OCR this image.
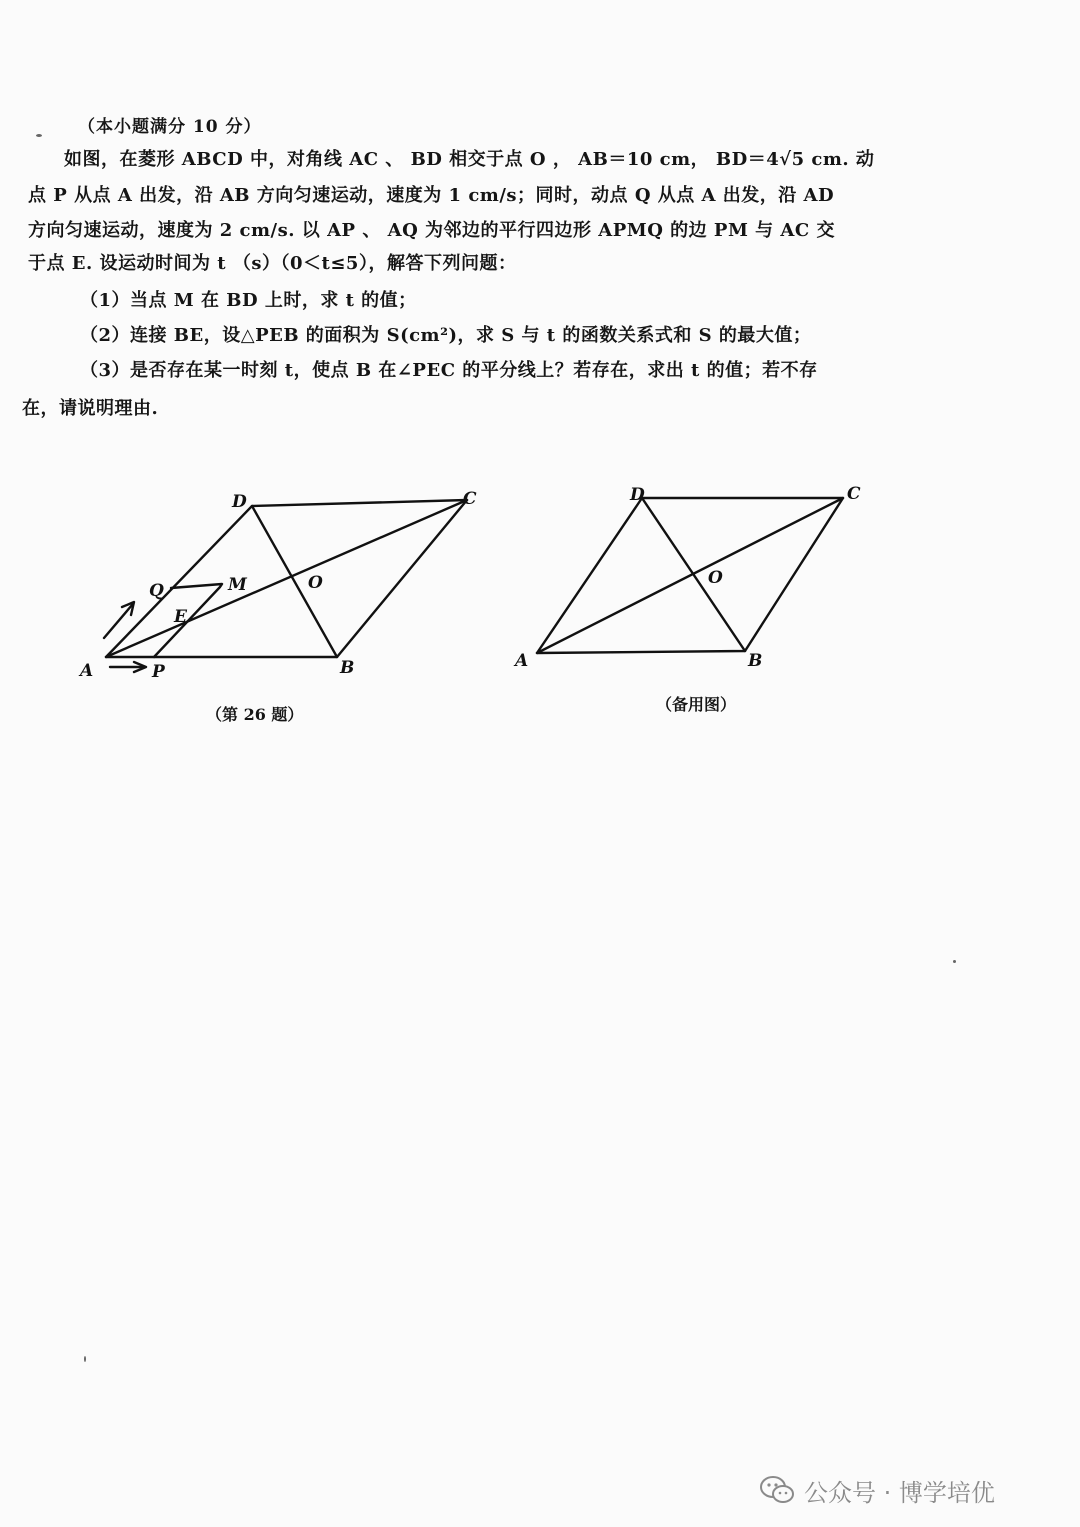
（本小题满分 10 分）
如图，在菱形 ABCD 中，对角线 AC 、 BD 相交于点 O ， AB＝10 cm， BD＝4√5 cm. 动
点 P 从点 A 出发，沿 AB 方向匀速运动，速度为 1 cm/s；同时，动点 Q 从点 A 出发，沿 AD
方向匀速运动，速度为 2 cm/s. 以 AP 、 AQ 为邻边的平行四边形 APMQ 的边 PM 与 AC 交
于点 E. 设运动时间为 t （s）（0＜t≤5），解答下列问题：
（1）当点 M 在 BD 上时，求 t 的值；
（2）连接 BE，设△PEB 的面积为 S(cm²)，求 S 与 t 的函数关系式和 S 的最大值；
（3）是否存在某一时刻 t，使点 B 在∠PEC 的平分线上？若存在，求出 t 的值；若不存
在，请说明理由.
A	P	B
C
D
O
Q	M
E
（第 26 题）
A	B
C
D
O
（备用图）
公众号 · 博学培优
